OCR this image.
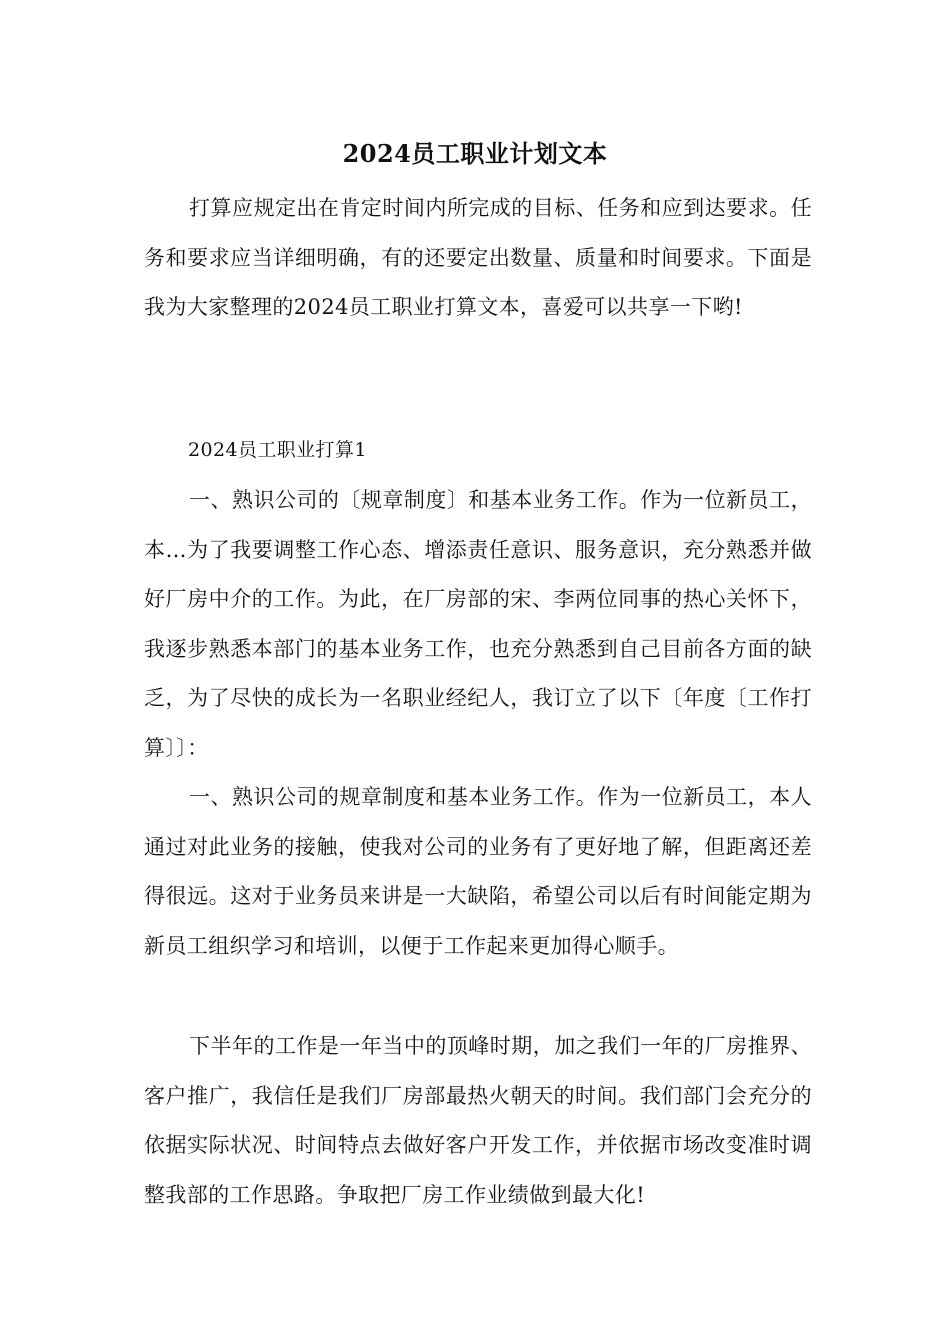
2024员工职业计划文本

打算应规定出在肯定时间内所完成的目标、任务和应到达要求。任务和要求应当详细明确，有的还要定出数量、质量和时间要求。下面是我为大家整理的2024员工职业打算文本，喜爱可以共享一下哟!

2024员工职业打算1

一、熟识公司的〔规章制度〕和基本业务工作。作为一位新员工，本…为了我要调整工作心态、增添责任意识、服务意识，充分熟悉并做好厂房中介的工作。为此，在厂房部的宋、李两位同事的热心关怀下，我逐步熟悉本部门的基本业务工作，也充分熟悉到自己目前各方面的缺乏，为了尽快的成长为一名职业经纪人，我订立了以下〔年度〔工作打算〕〕：

一、熟识公司的规章制度和基本业务工作。作为一位新员工，本人通过对此业务的接触，使我对公司的业务有了更好地了解，但距离还差得很远。这对于业务员来讲是一大缺陷，希望公司以后有时间能定期为新员工组织学习和培训，以便于工作起来更加得心顺手。

下半年的工作是一年当中的顶峰时期，加之我们一年的厂房推界、客户推广，我信任是我们厂房部最热火朝天的时间。我们部门会充分的依据实际状况、时间特点去做好客户开发工作，并依据市场改变准时调整我部的工作思路。争取把厂房工作业绩做到最大化!
